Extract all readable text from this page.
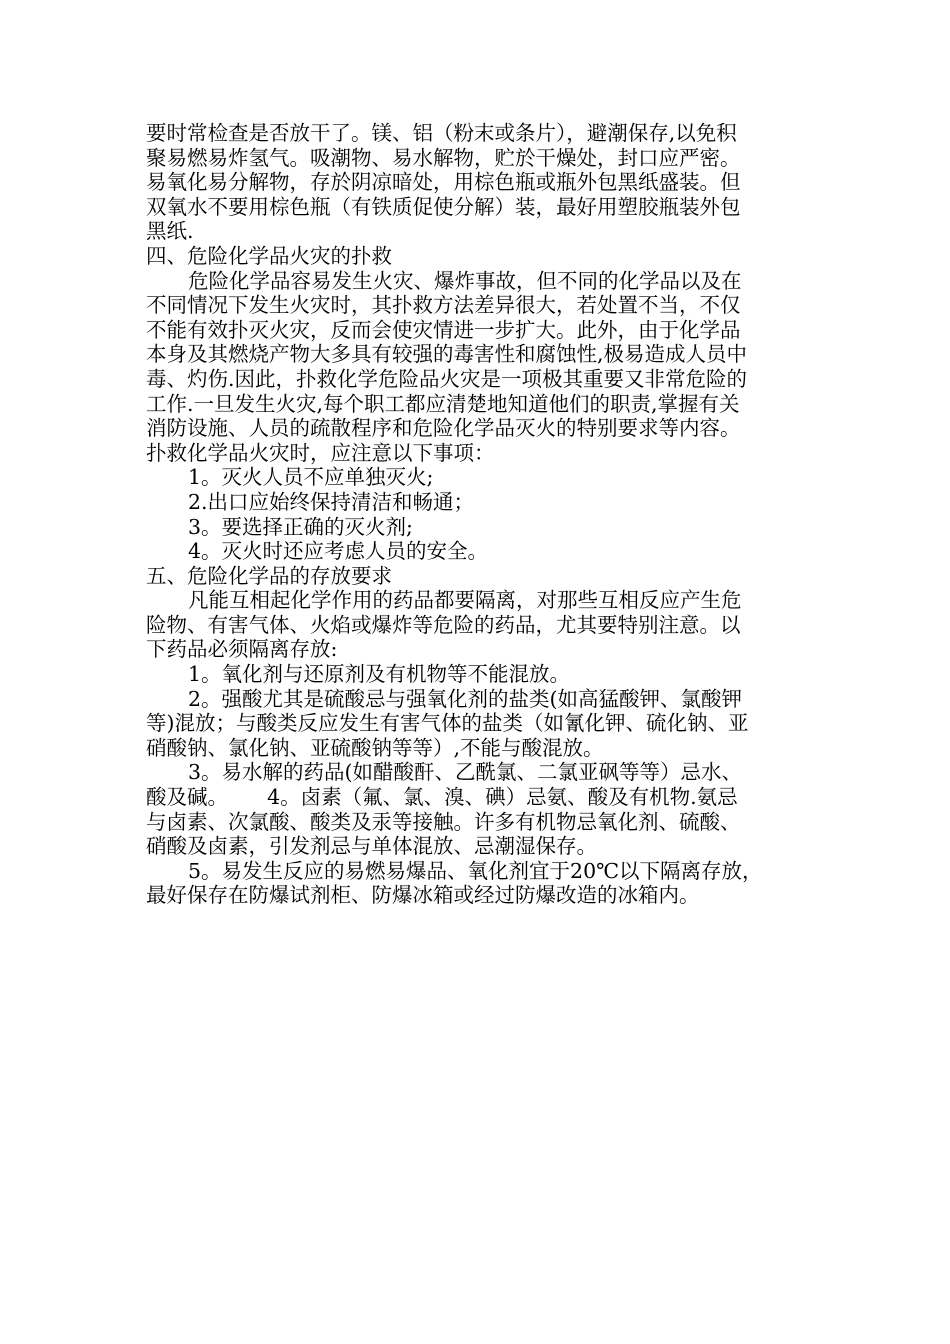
要时常检查是否放干了。镁、铝（粉末或条片），避潮保存,以免积
聚易燃易炸氢气。吸潮物、易水解物，贮於干燥处，封口应严密。
易氧化易分解物，存於阴凉暗处，用棕色瓶或瓶外包黑纸盛装。但
双氧水不要用棕色瓶（有铁质促使分解）装，最好用塑胶瓶装外包
黑纸.
四、危险化学品火灾的扑救
危险化学品容易发生火灾、爆炸事故，但不同的化学品以及在
不同情况下发生火灾时，其扑救方法差异很大，若处置不当，不仅
不能有效扑灭火灾，反而会使灾情进一步扩大。此外，由于化学品
本身及其燃烧产物大多具有较强的毒害性和腐蚀性,极易造成人员中
毒、灼伤.因此，扑救化学危险品火灾是一项极其重要又非常危险的
工作.一旦发生火灾,每个职工都应清楚地知道他们的职责,掌握有关
消防设施、人员的疏散程序和危险化学品灭火的特别要求等内容。
扑救化学品火灾时，应注意以下事项：
1。灭火人员不应单独灭火;
2.出口应始终保持清洁和畅通；
3。要选择正确的灭火剂;
4。灭火时还应考虑人员的安全。
五、危险化学品的存放要求
凡能互相起化学作用的药品都要隔离，对那些互相反应产生危
险物、有害气体、火焰或爆炸等危险的药品，尤其要特别注意。以
下药品必须隔离存放:
1。氧化剂与还原剂及有机物等不能混放。
2。强酸尤其是硫酸忌与强氧化剂的盐类(如高猛酸钾、氯酸钾
等)混放；与酸类反应发生有害气体的盐类（如氰化钾、硫化钠、亚
硝酸钠、氯化钠、亚硫酸钠等等）,不能与酸混放。
3。易水解的药品(如醋酸酐、乙酰氯、二氯亚砜等等）忌水、
酸及碱。      4。卤素（氟、氯、溴、碘）忌氨、酸及有机物.氨忌
与卤素、次氯酸、酸类及汞等接触。许多有机物忌氧化剂、硫酸、
硝酸及卤素，引发剂忌与单体混放、忌潮湿保存。
5。易发生反应的易燃易爆品、氧化剂宜于20℃以下隔离存放，
最好保存在防爆试剂柜、防爆冰箱或经过防爆改造的冰箱内。
